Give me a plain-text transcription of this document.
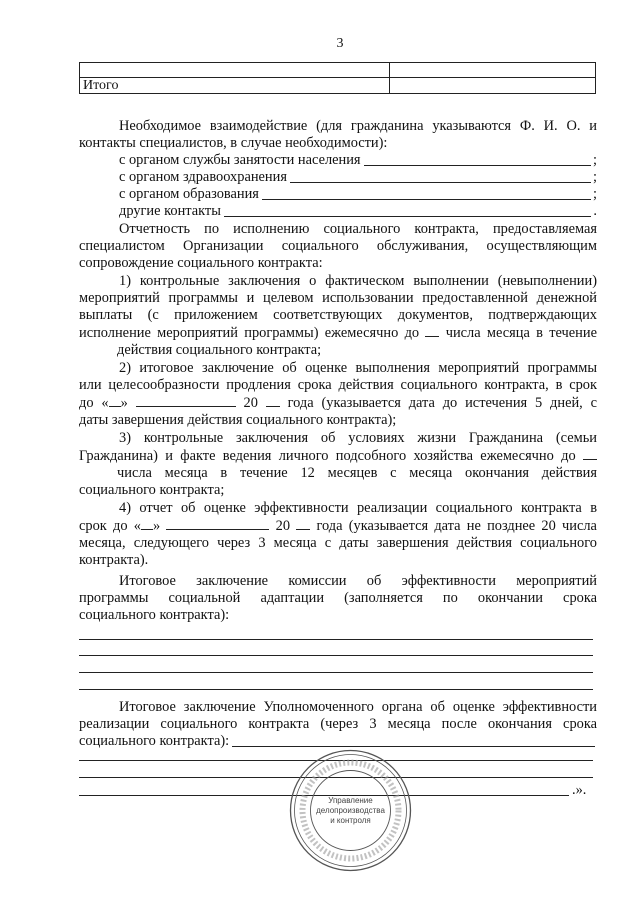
3

Итого	
Необходимое взаимодействие (для гражданина указываются Ф. И. О. и
контакты специалистов, в случае необходимости):
с органом службы занятости населения	;
с органом здравоохранения	;
с органом образования	;
другие контакты	.
Отчетность по исполнению социального контракта, предоставляемая
специалистом Организации социального обслуживания, осуществляющим
сопровождение социального контракта:
1) контрольные заключения о фактическом выполнении (невыполнении)
мероприятий программы и целевом использовании предоставленной денежной
выплаты (с приложением соответствующих документов, подтверждающих
исполнение мероприятий программы) ежемесячно до числа месяца в течение
действия социального контракта;
2) итоговое заключение об оценке выполнения мероприятий программы
или целесообразности продления срока действия социального контракта, в срок
до « »	20 года (указывается дата до истечения 5 дней, с
даты завершения действия социального контракта);
3) контрольные заключения об условиях жизни Гражданина (семьи
Гражданина) и факте ведения личного подсобного хозяйства ежемесячно до
числа месяца в течение 12 месяцев с месяца окончания действия
социального контракта;
4) отчет об оценке эффективности реализации социального контракта в
срок до « »	20 года (указывается дата не позднее 20 числа
месяца, следующего через 3 месяца с даты завершения действия социального
контракта).
Итоговое заключение комиссии об эффективности мероприятий
программы социальной адаптации (заполняется по окончании срока
социального контракта):
Итоговое заключение Уполномоченного органа об оценке эффективности
реализации социального контракта (через 3 месяца после окончания срока
социального контракта):
.».
Управление
делопроизводства
и контроля
